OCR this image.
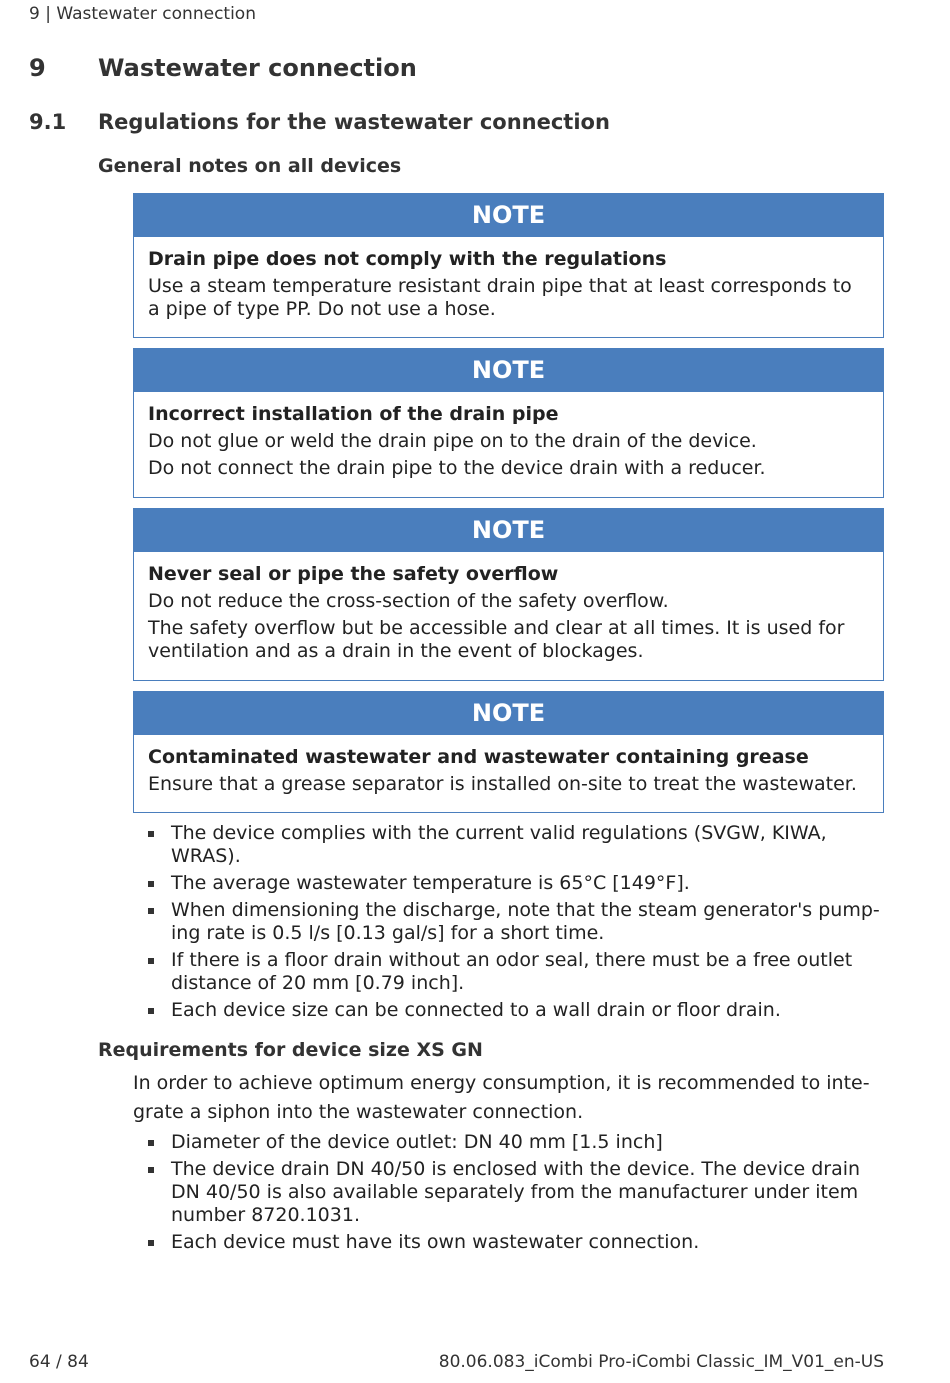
9 | Wastewater connection
9 Wastewater connection
9.1 Regulations for the wastewater connection
General notes on all devices
NOTE
Drain pipe does not comply with the regulations

Use a steam temperature resistant drain pipe that at least corresponds to a pipe of type PP. Do not use a hose.

NOTE
Incorrect installation of the drain pipe

Do not glue or weld the drain pipe on to the drain of the device.

Do not connect the drain pipe to the device drain with a reducer.

NOTE
Never seal or pipe the safety overflow

Do not reduce the cross-section of the safety overflow.

The safety overflow but be accessible and clear at all times. It is used for ventilation and as a drain in the event of blockages.

NOTE
Contaminated wastewater and wastewater containing grease

Ensure that a grease separator is installed on-site to treat the wastewater.

The device complies with the current valid regulations (SVGW, KIWA, WRAS).
The average wastewater temperature is 65°C [149°F].
When dimensioning the discharge, note that the steam generator's pump-ing rate is 0.5 l/s [0.13 gal/s] for a short time.
If there is a floor drain without an odor seal, there must be a free outlet distance of 20 mm [0.79 inch].
Each device size can be connected to a wall drain or floor drain.
Requirements for device size XS GN
In order to achieve optimum energy consumption, it is recommended to inte-grate a siphon into the wastewater connection.
Diameter of the device outlet: DN 40 mm [1.5 inch]
The device drain DN 40/50 is enclosed with the device. The device drain DN 40/50 is also available separately from the manufacturer under item number 8720.1031.
Each device must have its own wastewater connection.
64 / 84	80.06.083_iCombi Pro-iCombi Classic_IM_V01_en-US
